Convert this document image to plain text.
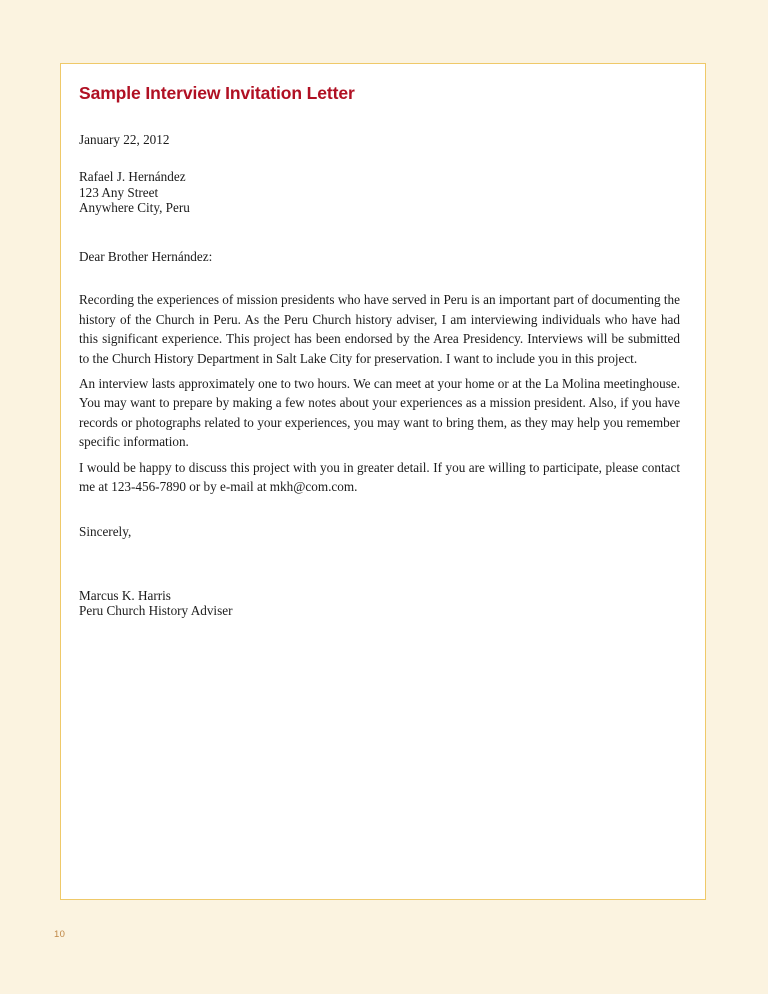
Sample Interview Invitation Letter

January 22, 2012

Rafael J. Hernández
123 Any Street
Anywhere City, Peru

Dear Brother Hernández:

Recording the experiences of mission presidents who have served in Peru is an important part of documenting the history of the Church in Peru. As the Peru Church history adviser, I am interviewing individuals who have had this significant experience. This project has been endorsed by the Area Presidency. Interviews will be submitted to the Church History Department in Salt Lake City for preservation. I want to include you in this project.

An interview lasts approximately one to two hours. We can meet at your home or at the La Molina meetinghouse. You may want to prepare by making a few notes about your experiences as a mission president. Also, if you have records or photographs related to your experiences, you may want to bring them, as they may help you remember specific information.

I would be happy to discuss this project with you in greater detail. If you are willing to participate, please contact me at 123-456-7890 or by e-mail at mkh@com.com.

Sincerely,

Marcus K. Harris
Peru Church History Adviser
10
